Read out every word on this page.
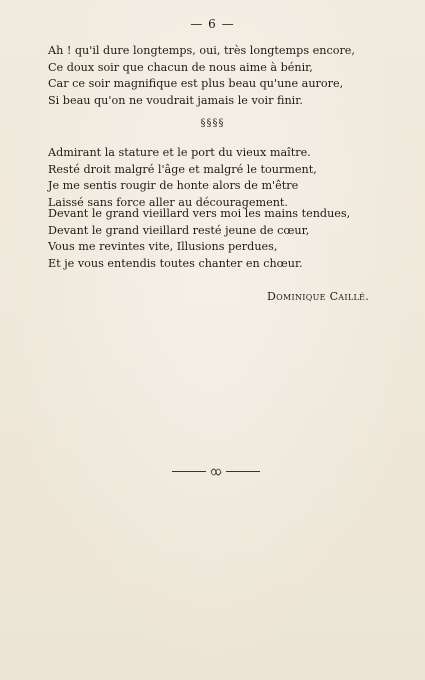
— 6 —
Ah ! qu'il dure longtemps, oui, très longtemps encore,
Ce doux soir que chacun de nous aime à bénir,
Car ce soir magnifique est plus beau qu'une aurore,
Si beau qu'on ne voudrait jamais le voir finir.
§§§§
Admirant la stature et le port du vieux maître.
Resté droit malgré l'âge et malgré le tourment,
Je me sentis rougir de honte alors de m'être
Laissé sans force aller au découragement.
Devant le grand vieillard vers moi les mains tendues,
Devant le grand vieillard resté jeune de cœur,
Vous me revintes vite, Illusions perdues,
Et je vous entendis toutes chanter en chœur.
Dominique Caillé.
